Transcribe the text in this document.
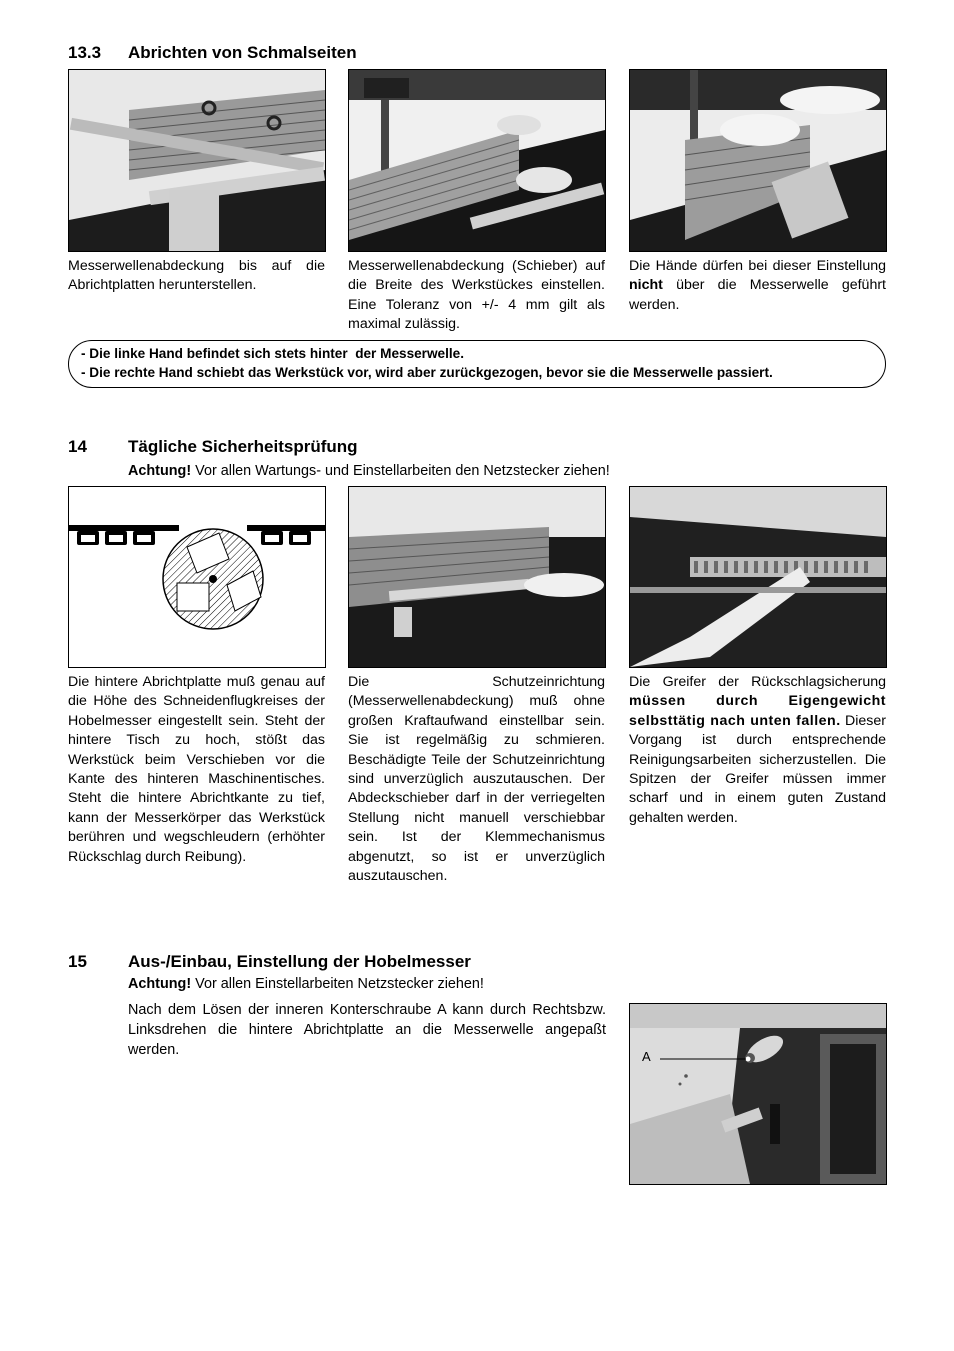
13.3 Abrichten von Schmalseiten
Messerwellenabdeckung bis auf die Abrichtplatten herunterstellen.
Messerwellenabdeckung (Schieber) auf die Breite des Werkstückes einstellen. Eine Toleranz von +/- 4 mm gilt als maximal zulässig.
Die Hände dürfen bei dieser Einstellung nicht über die Messerwelle geführt werden.
- Die linke Hand befindet sich stets hinter  der Messerwelle.
- Die rechte Hand schiebt das Werkstück vor, wird aber zurückgezogen, bevor sie die Messerwelle passiert.
14 Tägliche Sicherheitsprüfung
Achtung! Vor allen Wartungs- und Einstellarbeiten den Netzstecker ziehen!
Die hintere Abrichtplatte muß genau auf die Höhe des Schneidenflugkreises der Hobelmesser eingestellt sein. Steht der hintere Tisch zu hoch, stößt das Werkstück beim Verschieben vor die Kante des hinteren Maschinentisches. Steht die hintere Abrichtkante zu tief, kann der Messerkörper das Werkstück berühren und wegschleudern (erhöhter Rückschlag durch Reibung).
Die Schutzeinrichtung (Messerwellenabdeckung) muß ohne großen Kraftaufwand einstellbar sein. Sie ist regelmäßig zu schmieren. Beschädigte Teile der Schutzeinrichtung sind unverzüglich auszutauschen. Der Abdeckschieber darf in der verriegelten Stellung nicht manuell verschiebbar sein. Ist der Klemmechanismus abgenutzt, so ist er unverzüglich auszutauschen.
Die Greifer der Rückschlagsicherung müssen durch Eigengewicht selbsttätig nach unten fallen. Dieser Vorgang ist durch entsprechende Reinigungsarbeiten sicherzustellen. Die Spitzen der Greifer müssen immer scharf und in einem guten Zustand gehalten werden.
15 Aus-/Einbau, Einstellung der Hobelmesser
Achtung! Vor allen Einstellarbeiten Netzstecker ziehen!
Nach dem Lösen der inneren Konterschraube A kann durch Rechtsbzw. Linksdrehen die hintere Abrichtplatte an die Messerwelle angepaßt werden.	A
